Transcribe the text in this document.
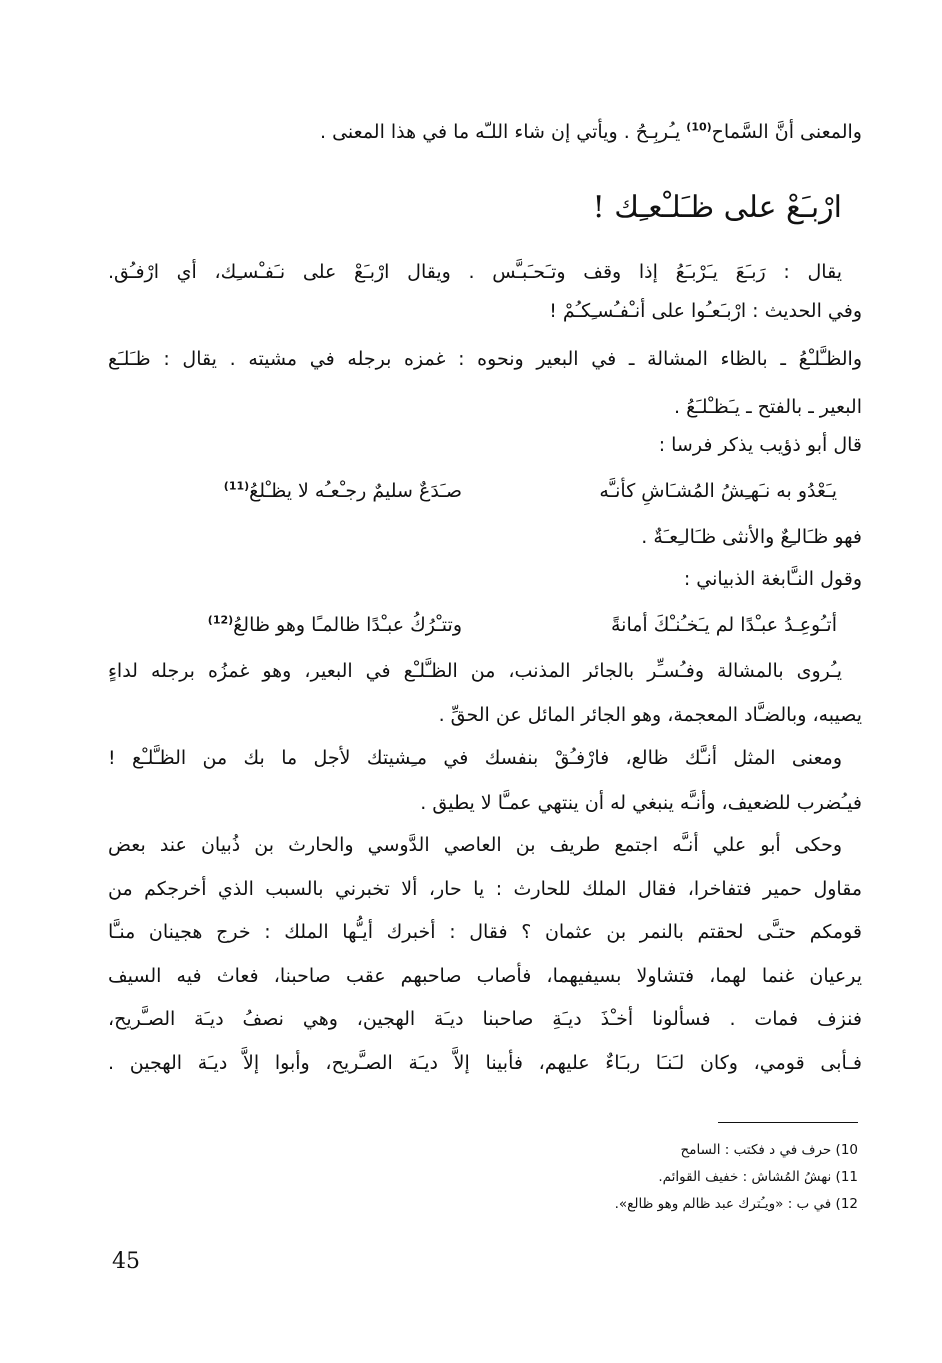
والمعنى أنَّ السَّماح$^{(10)}$ يـُربِـحُ . ويأتي إن شاء اللـّه ما في هذا المعنى .
ارْبـَعْ على ظـَلـْعـِك !
يقال : رَبـَعَ يـَرْبـَعُ إذا وقف وتـَحـَبـَّس . ويقال ارْبـَعْ على نـَفـْسـِك، أي ارْفـُق.
وفي الحديث : ارْبـَعـُوا على أنـْفـُسـِكـُمْ !
والظـَّلـْعُ ـ بالظاء المشالة ـ في البعير ونحوه : غمزه برجله في مشيته . يقال : ظـَلـَع
البعير ـ بالفتح ـ يـَظـْلـَعُ .
قال أبو ذؤيب يذكر فرسا :
يـَعْدُو به نـَهـِشُ المُشـَاشِ كأنـَّه
صـَدَعٌ سليمٌ رجـْعـُه لا يظـْلعُ$^{(11)}$
فهو ظـَالـِعٌ والأنثى ظـَالـِعـَةٌ .
وقول النـَّابغة الذبياني :
أتـُوعِـدُ عبـْدًا لم يـَخـُنـْكَ أمانةً
وتتـْرُكُ عبـْدًا ظالمـًا وهو ظالعُ$^{(12)}$
يـُروى بالمشالة وفـُسـِّر بالجائر المذنب، من الظـَّلـْع في البعير، وهو غمزُه برجله لداءٍ
يصيبه، وبالضـَّاد المعجمة، وهو الجائر المائل عن الحقِّ .
ومعنى المثل أنـَّك ظالع، فارْفـُقْ بنفسك في مـِشيتك لأجل ما بك من الظـَّلـْع !
فيـُضرب للضعيف، وأنـَّه ينبغي له أن ينتهي عمـَّا لا يطيق .
وحكى أبو علي أنـَّه اجتمع طريف بن العاصي الدَّوسي والحارث بن ذُبيان عند بعض
مقاول حمير فتفاخرا، فقال الملك للحارث : يا حار، ألا تخبرني بالسبب الذي أخرجكم من
قومكم حتـَّى لحقتم بالنمر بن عثمان ؟ فقال : أخبرك أيـُّها الملك : خرج هجينان منـَّا
يرعيان غنما لهما، فتشاولا بسيفيهما، فأصاب صاحبهم عقب صاحبنا، فعاث فيه السيف
فنزف فمات . فسألونا أخـْذَ ديـَةِ صاحبنا ديـَة الهجين، وهي نصفُ ديـَة الصـَّريح،
فـأبى قومي، وكان لـَنـَا ربـَاءٌ عليهم، فأبينا إلاَّ ديـَة الصـَّريح، وأبوا إلاَّ ديـَة الهجين .
10) حرف في د فكتب : السامح
11) نهشُ المُشاش : خفيف القوائم.
12) في ب : «ويـُترك عبد ظالم وهو ظالع».
45
